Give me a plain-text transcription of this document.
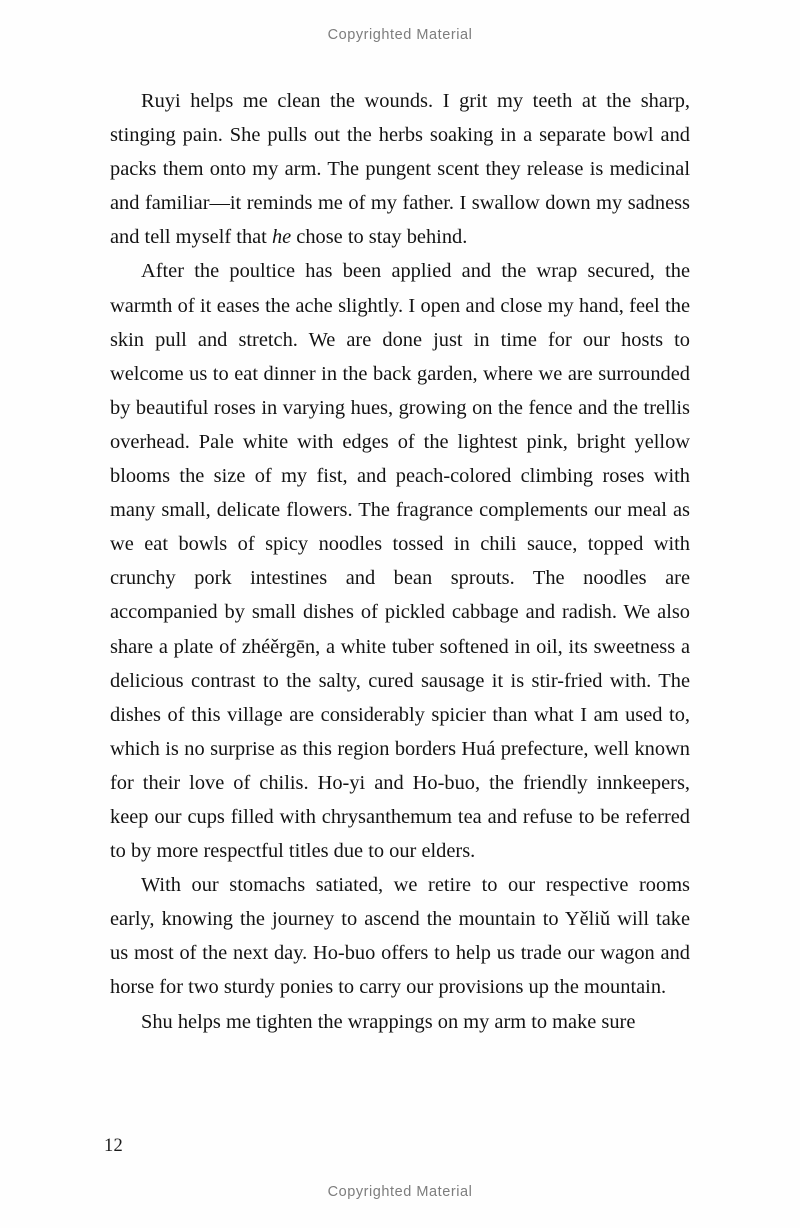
Copyrighted Material

Ruyi helps me clean the wounds. I grit my teeth at the sharp, stinging pain. She pulls out the herbs soaking in a separate bowl and packs them onto my arm. The pungent scent they release is medicinal and familiar—it reminds me of my father. I swallow down my sadness and tell myself that he chose to stay behind.

After the poultice has been applied and the wrap secured, the warmth of it eases the ache slightly. I open and close my hand, feel the skin pull and stretch. We are done just in time for our hosts to welcome us to eat dinner in the back garden, where we are surrounded by beautiful roses in varying hues, growing on the fence and the trellis overhead. Pale white with edges of the lightest pink, bright yellow blooms the size of my fist, and peach-colored climbing roses with many small, delicate flowers. The fragrance complements our meal as we eat bowls of spicy noodles tossed in chili sauce, topped with crunchy pork intestines and bean sprouts. The noodles are accompanied by small dishes of pickled cabbage and radish. We also share a plate of zhéěrgēn, a white tuber softened in oil, its sweetness a delicious contrast to the salty, cured sausage it is stir-fried with. The dishes of this village are considerably spicier than what I am used to, which is no surprise as this region borders Huá prefecture, well known for their love of chilis. Ho-yi and Ho-buo, the friendly innkeepers, keep our cups filled with chrysanthemum tea and refuse to be referred to by more respectful titles due to our elders.

With our stomachs satiated, we retire to our respective rooms early, knowing the journey to ascend the mountain to Yěliǔ will take us most of the next day. Ho-buo offers to help us trade our wagon and horse for two sturdy ponies to carry our provisions up the mountain.

Shu helps me tighten the wrappings on my arm to make sure

12
Copyrighted Material
